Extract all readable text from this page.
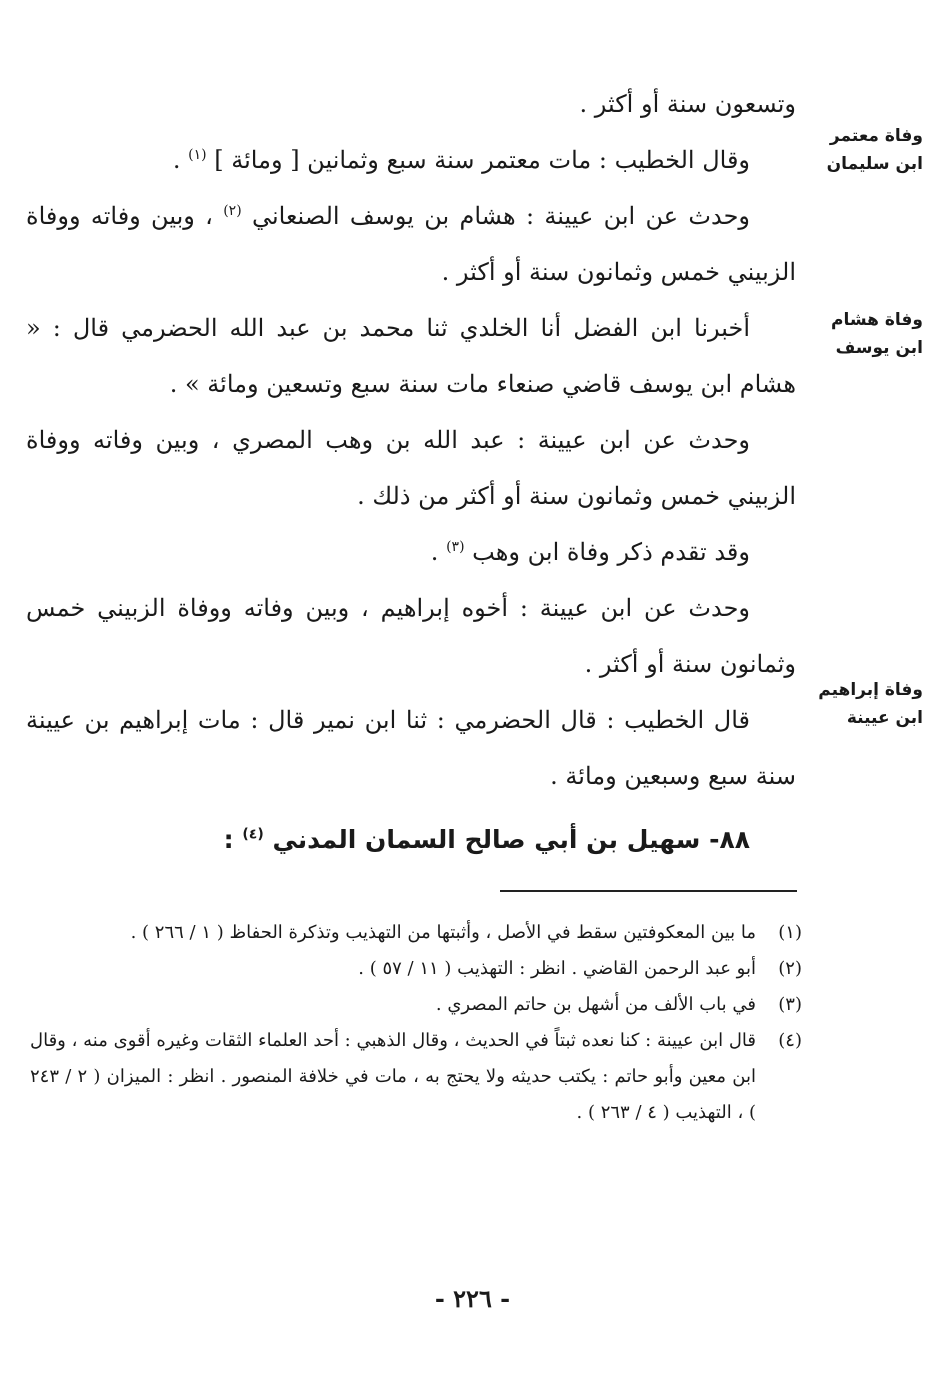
وفاة معتمر
ابن سليمان
وفاة هشام
ابن يوسف
وفاة إبراهيم
ابن عيينة

وتسعون سنة أو أكثر .

وقال الخطيب : مات معتمر سنة سبع وثمانين [ ومائة ] $^{(١)}$ .

وحدث عن ابن عيينة : هشام بن يوسف الصنعاني $^{(٢)}$ ، وبين وفاته ووفاة الزبيني خمس وثمانون سنة أو أكثر .

أخبرنا ابن الفضل أنا الخلدي ثنا محمد بن عبد الله الحضرمي قال : « هشام ابن يوسف قاضي صنعاء مات سنة سبع وتسعين ومائة » .

وحدث عن ابن عيينة : عبد الله بن وهب المصري ، وبين وفاته ووفاة الزبيني خمس وثمانون سنة أو أكثر من ذلك .

وقد تقدم ذكر وفاة ابن وهب $^{(٣)}$ .

وحدث عن ابن عيينة : أخوه إبراهيم ، وبين وفاته ووفاة الزبيني خمس وثمانون سنة أو أكثر .

قال الخطيب : قال الحضرمي : ثنا ابن نمير قال : مات إبراهيم بن عيينة سنة سبع وسبعين ومائة .

٨٨- سهيل بن أبي صالح السمان المدني $^{(٤)}$ :

(١)
ما بين المعكوفتين سقط في الأصل ، وأثبتها من التهذيب وتذكرة الحفاظ ( ١ / ٢٦٦ ) .
(٢)
أبو عبد الرحمن القاضي . انظر : التهذيب ( ١١ / ٥٧ ) .
(٣)
في باب الألف من أشهل بن حاتم المصري .
(٤)
قال ابن عيينة : كنا نعده ثبتاً في الحديث ، وقال الذهبي : أحد العلماء الثقات وغيره أقوى منه ، وقال ابن معين وأبو حاتم : يكتب حديثه ولا يحتج به ، مات في خلافة المنصور . انظر : الميزان ( ٢ / ٢٤٣ ) ، التهذيب ( ٤ / ٢٦٣ ) .
- ٢٢٦ -
